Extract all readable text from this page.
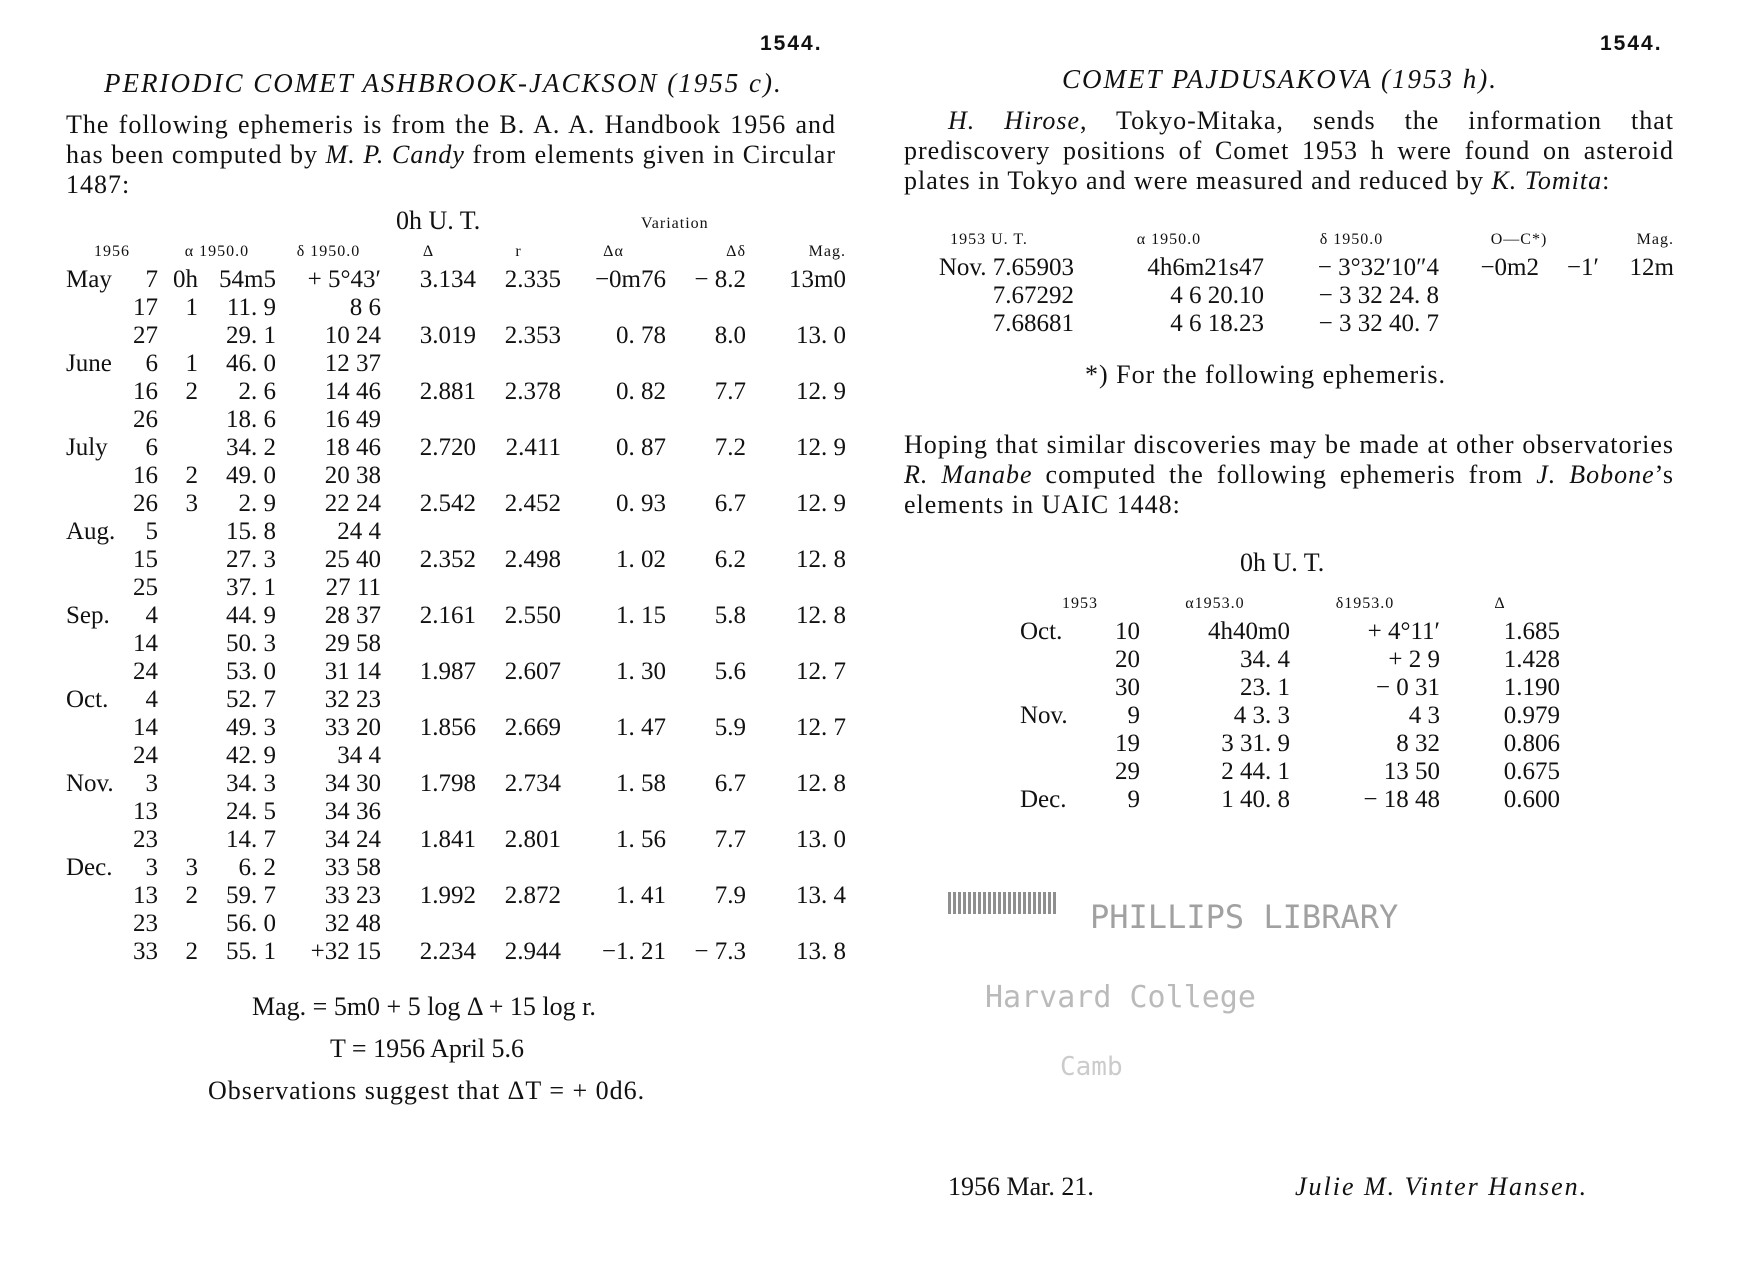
1544.
PERIODIC COMET ASHBROOK-JACKSON (1955 c).
The following ephemeris is from the B. A. A. Handbook 1956 and has been computed by M. P. Candy from elements given in Circular 1487:
0h U. T.	Variation
1956		α 1950.0		δ 1950.0	Δ	r	Δα	Δδ	Mag.
May	7	0h	54m5	+ 5°43′	3.134	2.335	−0m76	− 8.2	13m0
	17	1	11. 9	8 6					
	27		29. 1	10 24	3.019	2.353	0. 78	8.0	13. 0
June	6	1	46. 0	12 37					
	16	2	2. 6	14 46	2.881	2.378	0. 82	7.7	12. 9
	26		18. 6	16 49					
July	6		34. 2	18 46	2.720	2.411	0. 87	7.2	12. 9
	16	2	49. 0	20 38					
	26	3	2. 9	22 24	2.542	2.452	0. 93	6.7	12. 9
Aug.	5		15. 8	24 4					
	15		27. 3	25 40	2.352	2.498	1. 02	6.2	12. 8
	25		37. 1	27 11					
Sep.	4		44. 9	28 37	2.161	2.550	1. 15	5.8	12. 8
	14		50. 3	29 58					
	24		53. 0	31 14	1.987	2.607	1. 30	5.6	12. 7
Oct.	4		52. 7	32 23					
	14		49. 3	33 20	1.856	2.669	1. 47	5.9	12. 7
	24		42. 9	34 4					
Nov.	3		34. 3	34 30	1.798	2.734	1. 58	6.7	12. 8
	13		24. 5	34 36					
	23		14. 7	34 24	1.841	2.801	1. 56	7.7	13. 0
Dec.	3	3	6. 2	33 58					
	13	2	59. 7	33 23	1.992	2.872	1. 41	7.9	13. 4
	23		56. 0	32 48					
	33	2	55. 1	+32 15	2.234	2.944	−1. 21	− 7.3	13. 8
Mag. = 5m0 + 5 log Δ + 15 log r.
T = 1956 April 5.6
Observations suggest that ΔT = + 0d6.
1544.
COMET PAJDUSAKOVA (1953 h).
H. Hirose, Tokyo-Mitaka, sends the information that prediscovery positions of Comet 1953 h were found on asteroid plates in Tokyo and were measured and reduced by K. Tomita:
1953 U. T.	α 1950.0	δ 1950.0	O—C*)		Mag.
Nov. 7.65903	4h6m21s47	− 3°32′10″4	−0m2	−1′	12m
7.67292	4 6 20.10	− 3 32 24. 8			
7.68681	4 6 18.23	− 3 32 40. 7			
*) For the following ephemeris.
Hoping that similar discoveries may be made at other observatories R. Manabe computed the following ephemeris from J. Bobone’s elements in UAIC 1448:
0h U. T.
1953		α1953.0	δ1953.0	Δ
Oct.	10	4h40m0	+ 4°11′	1.685
	20	34. 4	+ 2 9	1.428
	30	23. 1	− 0 31	1.190
Nov.	9	4 3. 3	4 3	0.979
	19	3 31. 9	8 32	0.806
	29	2 44. 1	13 50	0.675
Dec.	9	1 40. 8	− 18 48	0.600
PHILLIPS LIBRARY
Harvard College
Camb
1956 Mar. 21.	Julie M. Vinter Hansen.
